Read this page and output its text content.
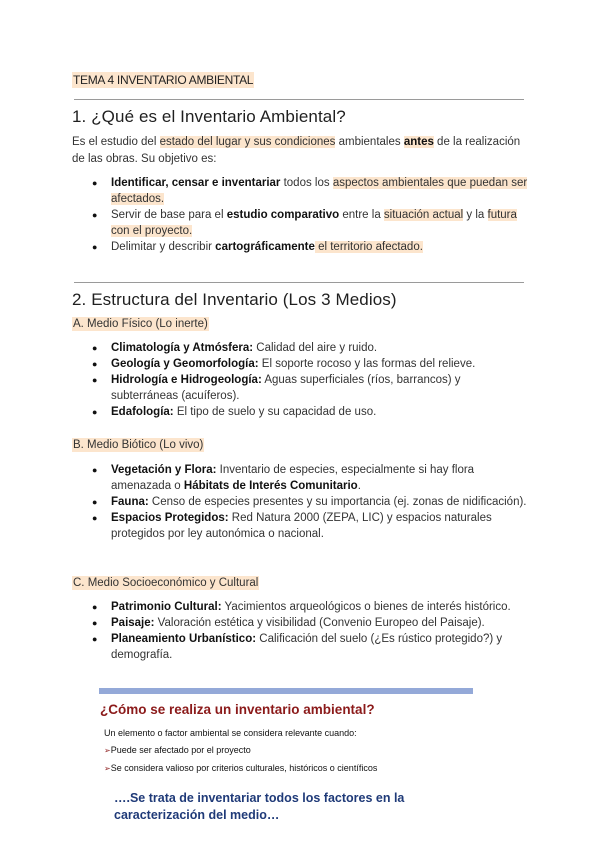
TEMA 4 INVENTARIO AMBIENTAL
1. ¿Qué es el Inventario Ambiental?

Es el estudio del estado del lugar y sus condiciones ambientales antes de la realización de las obras. Su objetivo es:

● Identificar, censar e inventariar todos los aspectos ambientales que puedan ser afectados.
● Servir de base para el estudio comparativo entre la situación actual y la futura con el proyecto.
● Delimitar y describir cartográficamente el territorio afectado.
2. Estructura del Inventario (Los 3 Medios)
A. Medio Físico (Lo inerte)
● Climatología y Atmósfera: Calidad del aire y ruido.
● Geología y Geomorfología: El soporte rocoso y las formas del relieve.
● Hidrología e Hidrogeología: Aguas superficiales (ríos, barrancos) y subterráneas (acuíferos).
● Edafología: El tipo de suelo y su capacidad de uso.
B. Medio Biótico (Lo vivo)
● Vegetación y Flora: Inventario de especies, especialmente si hay flora amenazada o Hábitats de Interés Comunitario.
● Fauna: Censo de especies presentes y su importancia (ej. zonas de nidificación).
● Espacios Protegidos: Red Natura 2000 (ZEPA, LIC) y espacios naturales protegidos por ley autonómica o nacional.
C. Medio Socioeconómico y Cultural
● Patrimonio Cultural: Yacimientos arqueológicos o bienes de interés histórico.
● Paisaje: Valoración estética y visibilidad (Convenio Europeo del Paisaje).
● Planeamiento Urbanístico: Calificación del suelo (¿Es rústico protegido?) y demografía.
¿Cómo se realiza un inventario ambiental?
Un elemento o factor ambiental se considera relevante cuando:
➢Puede ser afectado por el proyecto
➢Se considera valioso por criterios culturales, históricos o científicos
….Se trata de inventariar todos los factores en la caracterización del medio…
